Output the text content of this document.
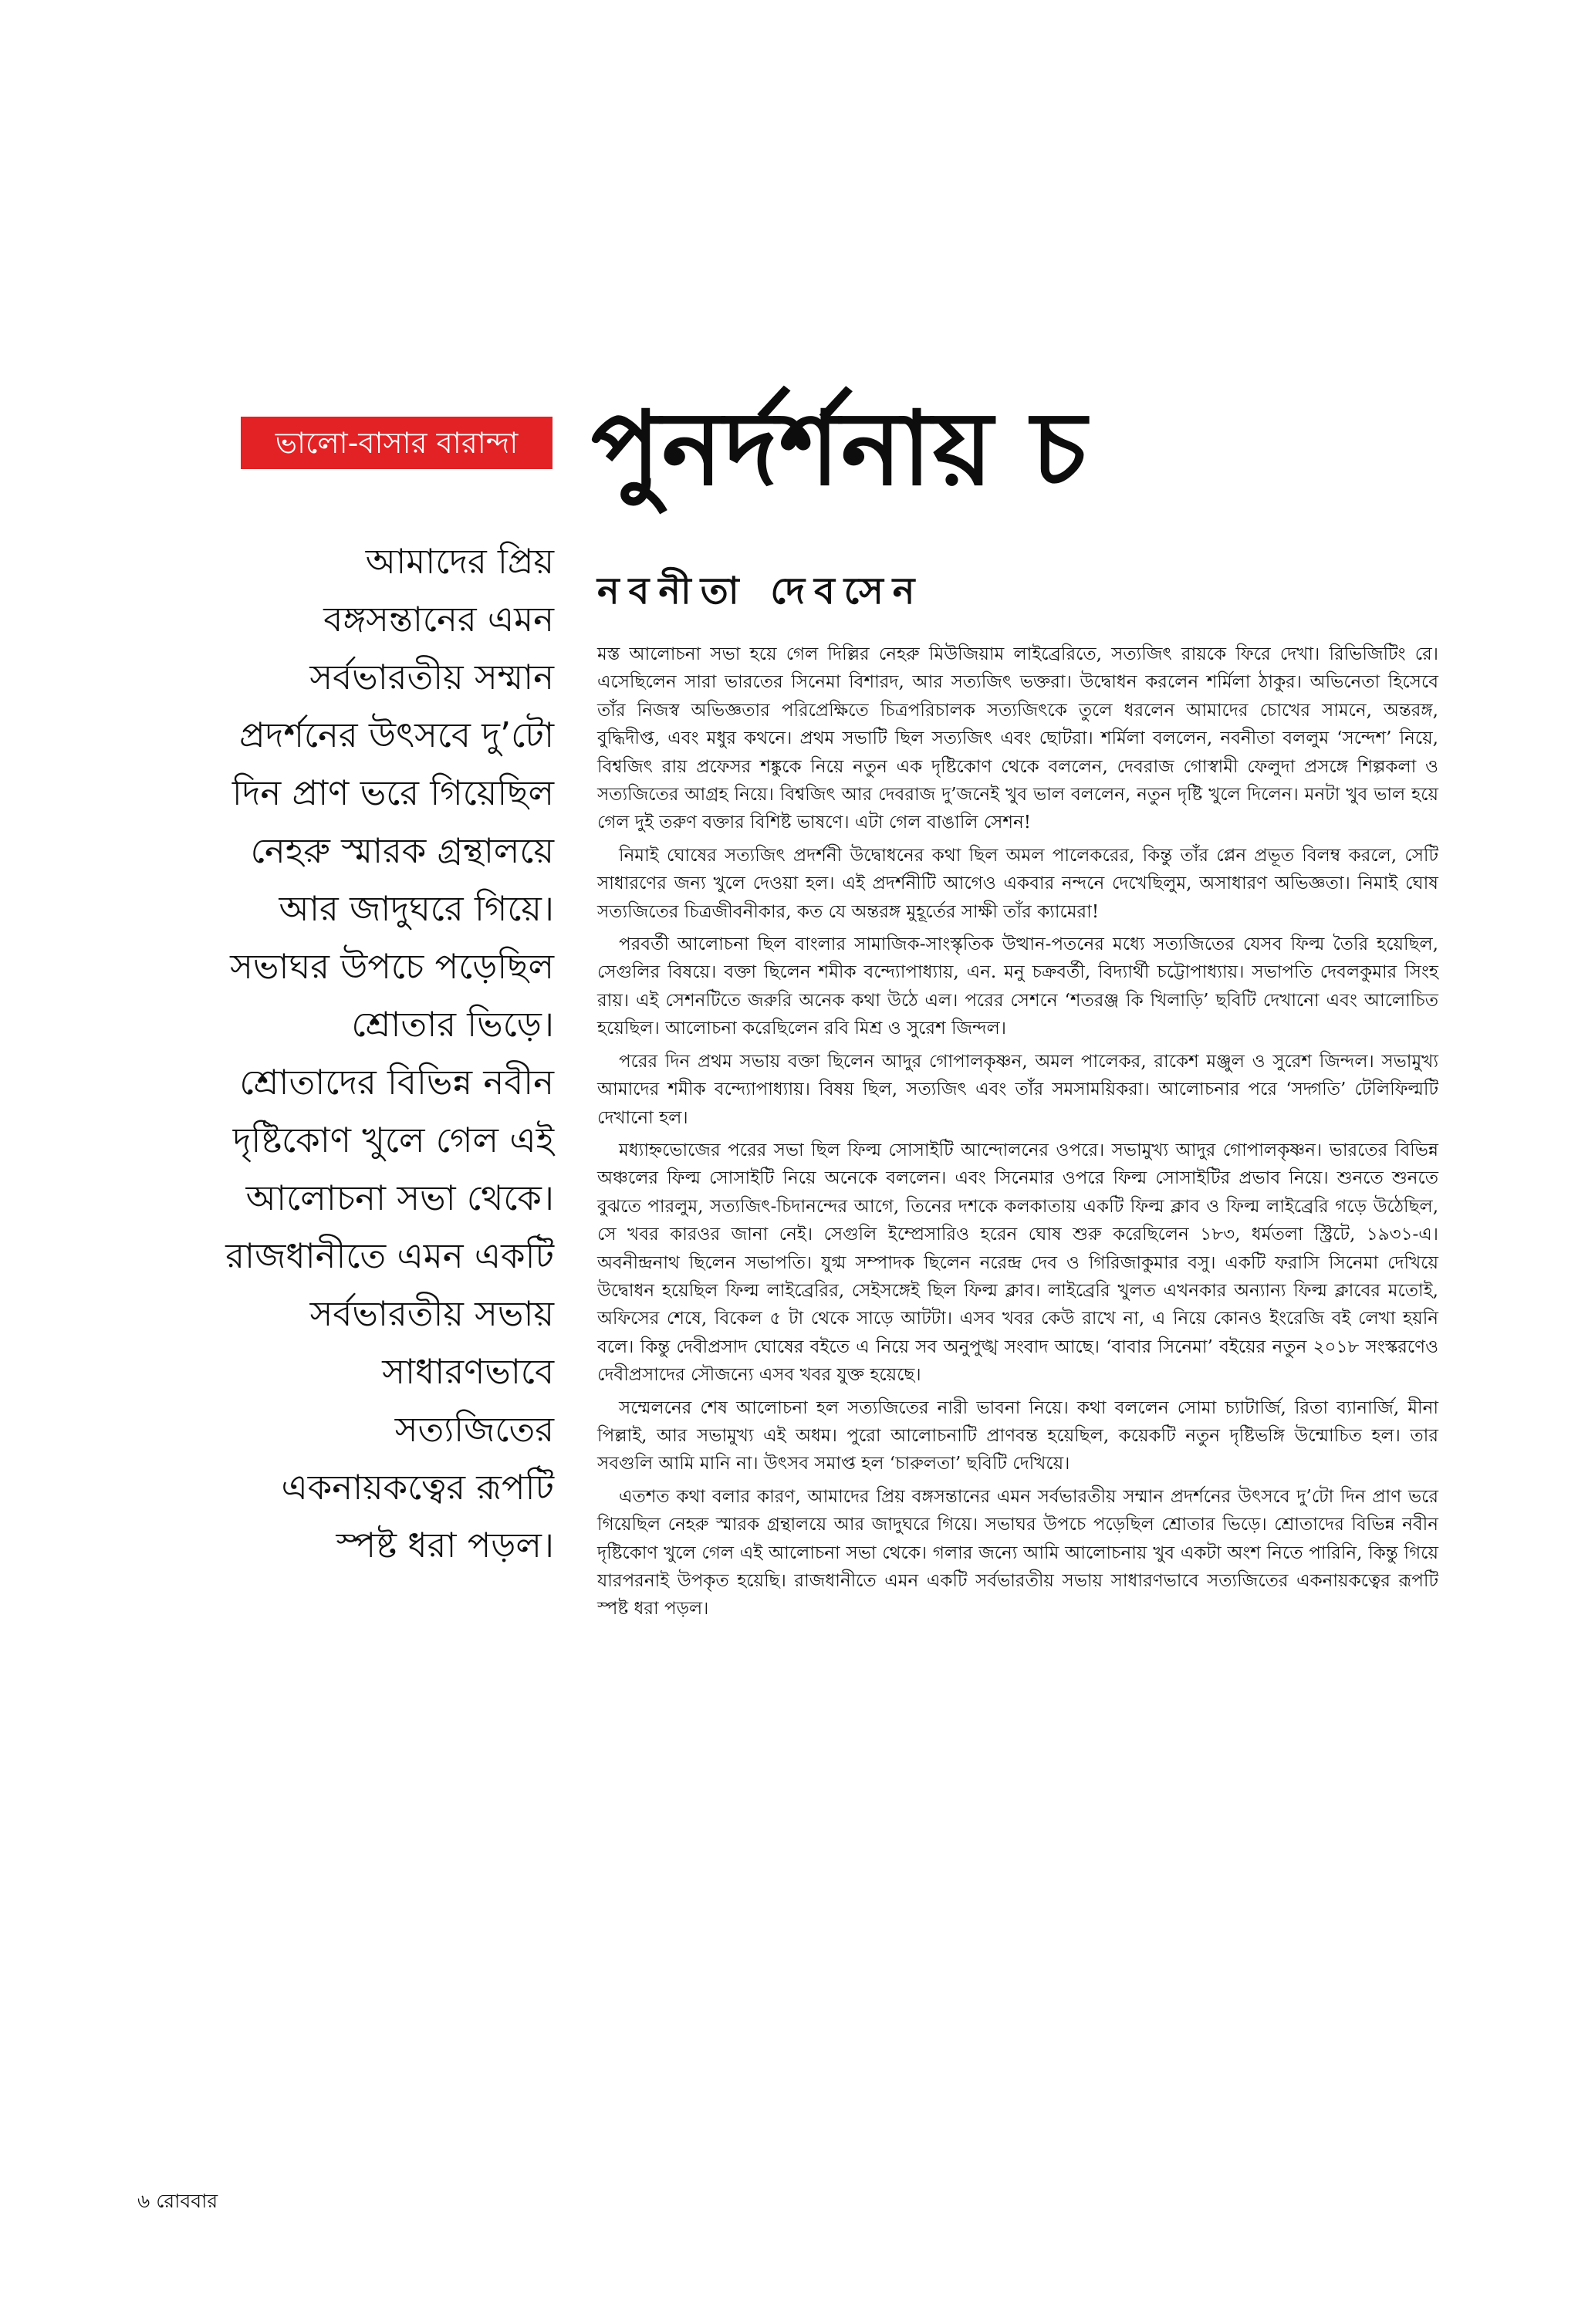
ভালো-বাসার বারান্দা পুনর্দর্শনায় চ
নবনীতা দেবসেন
আমাদের প্রিয়
বঙ্গসন্তানের এমন
সর্বভারতীয় সম্মান
প্রদর্শনের উৎসবে দু’টো
দিন প্রাণ ভরে গিয়েছিল
নেহরু স্মারক গ্রন্থালয়ে
আর জাদুঘরে গিয়ে।
সভাঘর উপচে পড়েছিল
শ্রোতার ভিড়ে।
শ্রোতাদের বিভিন্ন নবীন
দৃষ্টিকোণ খুলে গেল এই
আলোচনা সভা থেকে।
রাজধানীতে এমন একটি
সর্বভারতীয় সভায়
সাধারণভাবে
সত্যজিতের
একনায়কত্বের রূপটি
স্পষ্ট ধরা পড়ল।

মস্ত আলোচনা সভা হয়ে গেল দিল্লির নেহরু মিউজিয়াম লাইব্রেরিতে, সত্যজিৎ রায়কে ফিরে দেখা। রিভিজিটিং রে। এসেছিলেন সারা ভারতের সিনেমা বিশারদ, আর সত্যজিৎ ভক্তরা। উদ্বোধন করলেন শর্মিলা ঠাকুর। অভিনেতা হিসেবে তাঁর নিজস্ব অভিজ্ঞতার পরিপ্রেক্ষিতে চিত্রপরিচালক সত্যজিৎকে তুলে ধরলেন আমাদের চোখের সামনে, অন্তরঙ্গ, বুদ্ধিদীপ্ত, এবং মধুর কথনে। প্রথম সভাটি ছিল সত্যজিৎ এবং ছোটরা। শর্মিলা বললেন, নবনীতা বললুম ‘সন্দেশ’ নিয়ে, বিশ্বজিৎ রায় প্রফেসর শঙ্কুকে নিয়ে নতুন এক দৃষ্টিকোণ থেকে বললেন, দেবরাজ গোস্বামী ফেলুদা প্রসঙ্গে শিল্পকলা ও সত্যজিতের আগ্রহ নিয়ে। বিশ্বজিৎ আর দেবরাজ দু’জনেই খুব ভাল বললেন, নতুন দৃষ্টি খুলে দিলেন। মনটা খুব ভাল হয়ে গেল দুই তরুণ বক্তার বিশিষ্ট ভাষণে। এটা গেল বাঙালি সেশন!

নিমাই ঘোষের সত্যজিৎ প্রদর্শনী উদ্বোধনের কথা ছিল অমল পালেকরের, কিন্তু তাঁর প্লেন প্রভূত বিলম্ব করলে, সেটি সাধারণের জন্য খুলে দেওয়া হল। এই প্রদর্শনীটি আগেও একবার নন্দনে দেখেছিলুম, অসাধারণ অভিজ্ঞতা। নিমাই ঘোষ সত্যজিতের চিত্রজীবনীকার, কত যে অন্তরঙ্গ মুহূর্তের সাক্ষী তাঁর ক্যামেরা!

পরবর্তী আলোচনা ছিল বাংলার সামাজিক-সাংস্কৃতিক উত্থান-পতনের মধ্যে সত্যজিতের যেসব ফিল্ম তৈরি হয়েছিল, সেগুলির বিষয়ে। বক্তা ছিলেন শমীক বন্দ্যোপাধ্যায়, এন. মনু চক্রবর্তী, বিদ্যার্থী চট্টোপাধ্যায়। সভাপতি দেবলকুমার সিংহ রায়। এই সেশনটিতে জরুরি অনেক কথা উঠে এল। পরের সেশনে ‘শতরঞ্জ কি খিলাড়ি’ ছবিটি দেখানো এবং আলোচিত হয়েছিল। আলোচনা করেছিলেন রবি মিশ্র ও সুরেশ জিন্দল।

পরের দিন প্রথম সভায় বক্তা ছিলেন আদুর গোপালকৃষ্ণন, অমল পালেকর, রাকেশ মঞ্জুল ও সুরেশ জিন্দল। সভামুখ্য আমাদের শমীক বন্দ্যোপাধ্যায়। বিষয় ছিল, সত্যজিৎ এবং তাঁর সমসাময়িকরা। আলোচনার পরে ‘সদ্গতি’ টেলিফিল্মটি দেখানো হল।

মধ্যাহ্নভোজের পরের সভা ছিল ফিল্ম সোসাইটি আন্দোলনের ওপরে। সভামুখ্য আদুর গোপালকৃষ্ণন। ভারতের বিভিন্ন অঞ্চলের ফিল্ম সোসাইটি নিয়ে অনেকে বললেন। এবং সিনেমার ওপরে ফিল্ম সোসাইটির প্রভাব নিয়ে। শুনতে শুনতে বুঝতে পারলুম, সত্যজিৎ-চিদানন্দের আগে, তিনের দশকে কলকাতায় একটি ফিল্ম ক্লাব ও ফিল্ম লাইব্রেরি গড়ে উঠেছিল, সে খবর কারওর জানা নেই। সেগুলি ইম্প্রেসারিও হরেন ঘোষ শুরু করেছিলেন ১৮৩, ধর্মতলা স্ট্রিটে, ১৯৩১-এ। অবনীন্দ্রনাথ ছিলেন সভাপতি। যুগ্ম সম্পাদক ছিলেন নরেন্দ্র দেব ও গিরিজাকুমার বসু। একটি ফরাসি সিনেমা দেখিয়ে উদ্বোধন হয়েছিল ফিল্ম লাইব্রেরির, সেইসঙ্গেই ছিল ফিল্ম ক্লাব। লাইব্রেরি খুলত এখনকার অন্যান্য ফিল্ম ক্লাবের মতোই, অফিসের শেষে, বিকেল ৫ টা থেকে সাড়ে আটটা। এসব খবর কেউ রাখে না, এ নিয়ে কোনও ইংরেজি বই লেখা হয়নি বলে। কিন্তু দেবীপ্রসাদ ঘোষের বইতে এ নিয়ে সব অনুপুঙ্খ সংবাদ আছে। ‘বাবার সিনেমা’ বইয়ের নতুন ২০১৮ সংস্করণেও দেবীপ্রসাদের সৌজন্যে এসব খবর যুক্ত হয়েছে।

সম্মেলনের শেষ আলোচনা হল সত্যজিতের নারী ভাবনা নিয়ে। কথা বললেন সোমা চ্যাটার্জি, রিতা ব্যানার্জি, মীনা পিল্লাই, আর সভামুখ্য এই অধম। পুরো আলোচনাটি প্রাণবন্ত হয়েছিল, কয়েকটি নতুন দৃষ্টিভঙ্গি উন্মোচিত হল। তার সবগুলি আমি মানি না। উৎসব সমাপ্ত হল ‘চারুলতা’ ছবিটি দেখিয়ে।

এতশত কথা বলার কারণ, আমাদের প্রিয় বঙ্গসন্তানের এমন সর্বভারতীয় সম্মান প্রদর্শনের উৎসবে দু’টো দিন প্রাণ ভরে গিয়েছিল নেহরু স্মারক গ্রন্থালয়ে আর জাদুঘরে গিয়ে। সভাঘর উপচে পড়েছিল শ্রোতার ভিড়ে। শ্রোতাদের বিভিন্ন নবীন দৃষ্টিকোণ খুলে গেল এই আলোচনা সভা থেকে। গলার জন্যে আমি আলোচনায় খুব একটা অংশ নিতে পারিনি, কিন্তু গিয়ে যারপরনাই উপকৃত হয়েছি। রাজধানীতে এমন একটি সর্বভারতীয় সভায় সাধারণভাবে সত্যজিতের একনায়কত্বের রূপটি স্পষ্ট ধরা পড়ল।

৬ রোববার
